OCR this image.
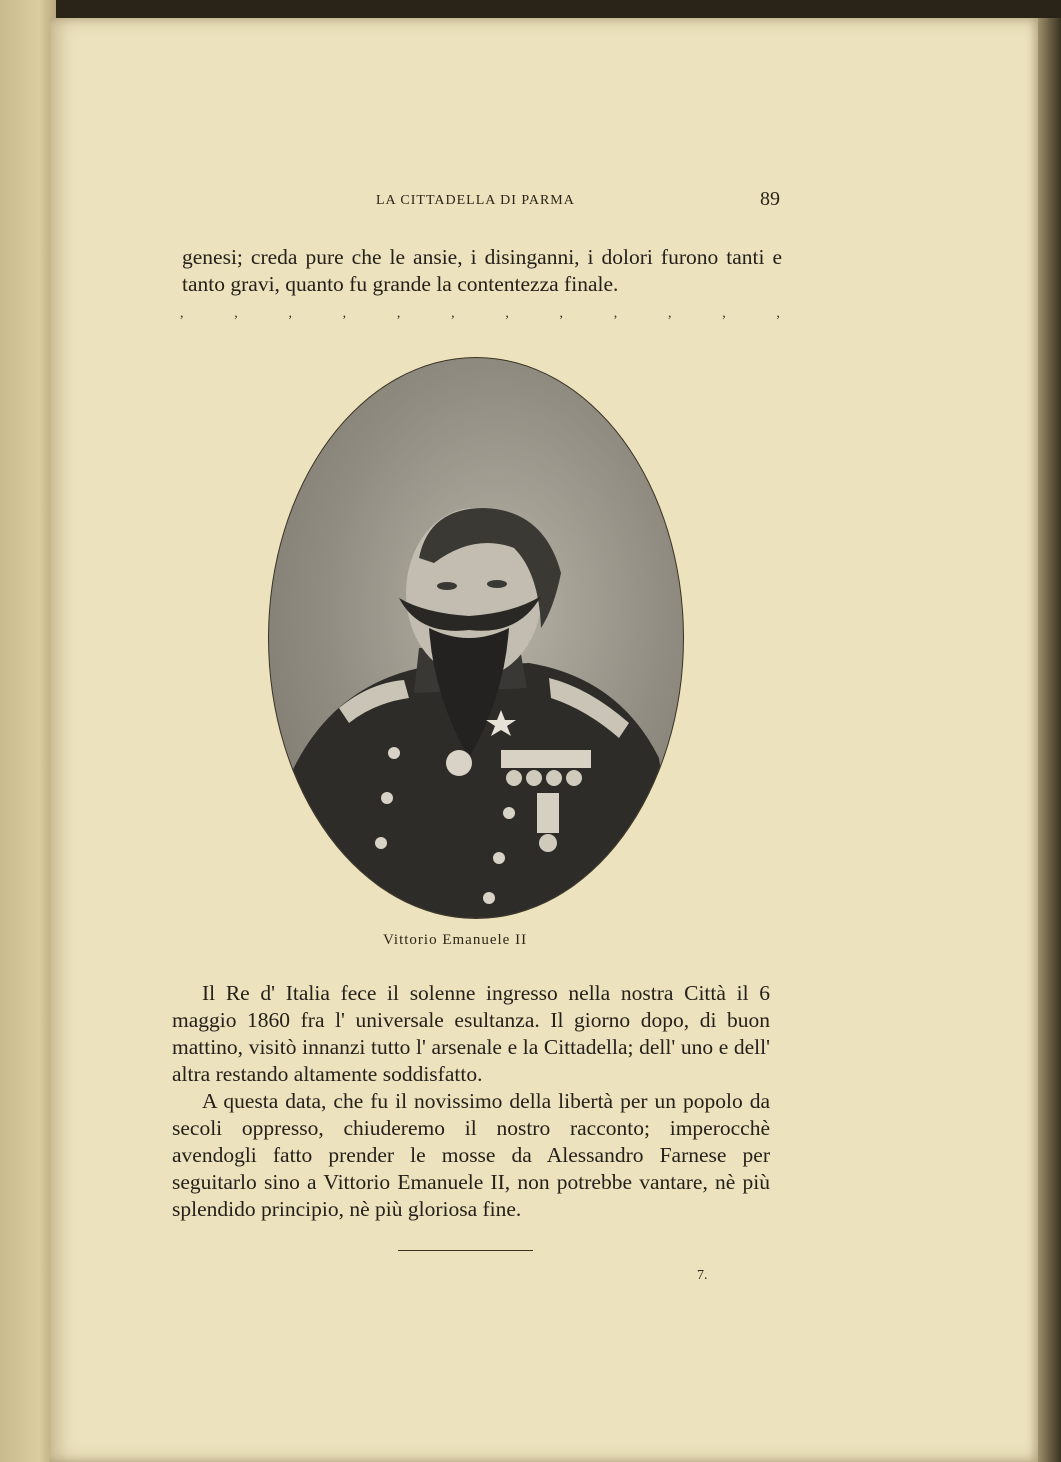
LA CITTADELLA DI PARMA	89
genesi; creda pure che le ansie, i disinganni, i dolori furono tanti e tanto gravi, quanto fu grande la contentezza finale.
,	,	,	,	,	,	,	,	,	,	,	,
Vittorio Emanuele II
Il Re d' Italia fece il solenne ingresso nella nostra Città il 6 maggio 1860 fra l' universale esultanza. Il giorno dopo, di buon mattino, visitò innanzi tutto l' arsenale e la Cittadella; dell' uno e dell' altra restando altamente soddisfatto.
A questa data, che fu il novissimo della libertà per un popolo da secoli oppresso, chiuderemo il nostro racconto; imperocchè avendogli fatto prender le mosse da Alessandro Farnese per seguitarlo sino a Vittorio Emanuele II, non potrebbe vantare, nè più splendido principio, nè più gloriosa fine.
7.
